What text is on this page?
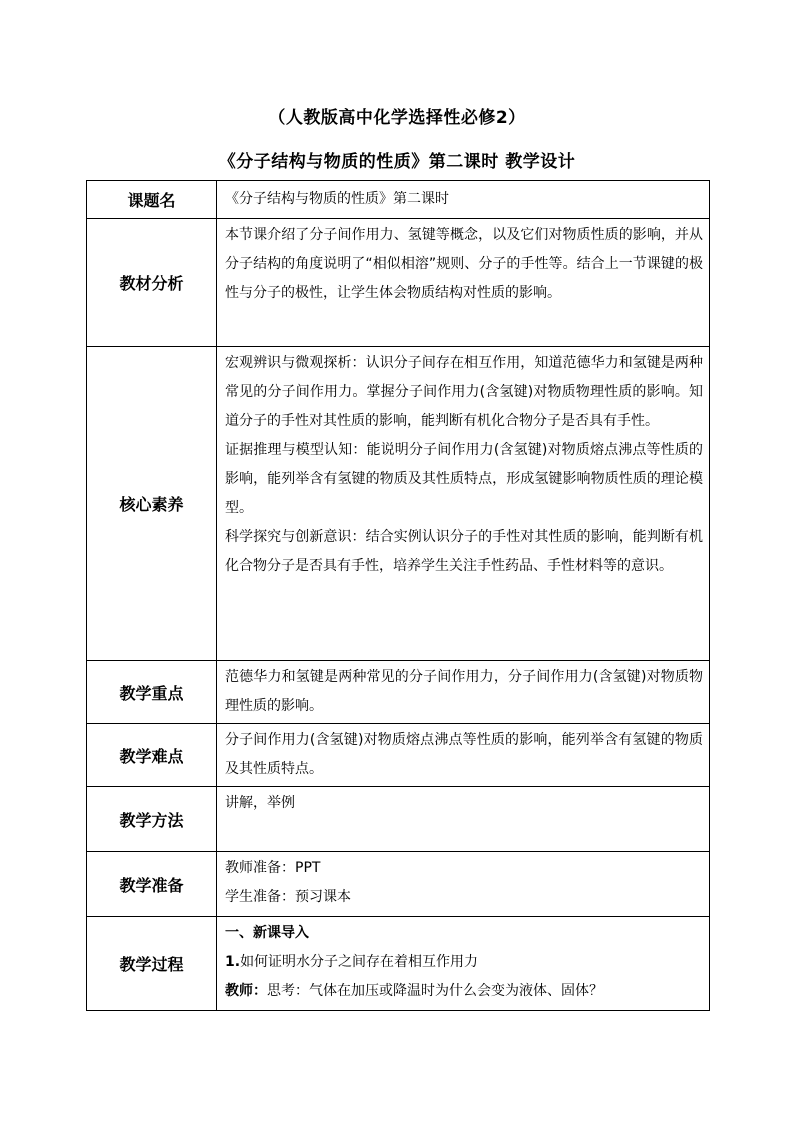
（人教版高中化学选择性必修2）
《分子结构与物质的性质》第二课时 教学设计
课题名	《分子结构与物质的性质》第二课时
教材分析	本节课介绍了分子间作用力、氢键等概念，以及它们对物质性质的影响，并从分子结构的角度说明了“相似相溶”规则、分子的手性等。结合上一节课键的极性与分子的极性，让学生体会物质结构对性质的影响。

核心素养	宏观辨识与微观探析：认识分子间存在相互作用，知道范德华力和氢键是两种常见的分子间作用力。掌握分子间作用力(含氢键)对物质物理性质的影响。知道分子的手性对其性质的影响，能判断有机化合物分子是否具有手性。

证据推理与模型认知：能说明分子间作用力(含氢键)对物质熔点沸点等性质的影响，能列举含有氢键的物质及其性质特点，形成氢键影响物质性质的理论模型。

科学探究与创新意识：结合实例认识分子的手性对其性质的影响，能判断有机化合物分子是否具有手性，培养学生关注手性药品、手性材料等的意识。

教学重点	范德华力和氢键是两种常见的分子间作用力，分子间作用力(含氢键)对物质物理性质的影响。

教学难点	分子间作用力(含氢键)对物质熔点沸点等性质的影响，能列举含有氢键的物质及其性质特点。

教学方法	讲解，举例

教学准备	教师准备：PPT

学生准备：预习课本

教学过程	一、新课导入

1.如何证明水分子之间存在着相互作用力

教师：思考：气体在加压或降温时为什么会变为液体、固体？
